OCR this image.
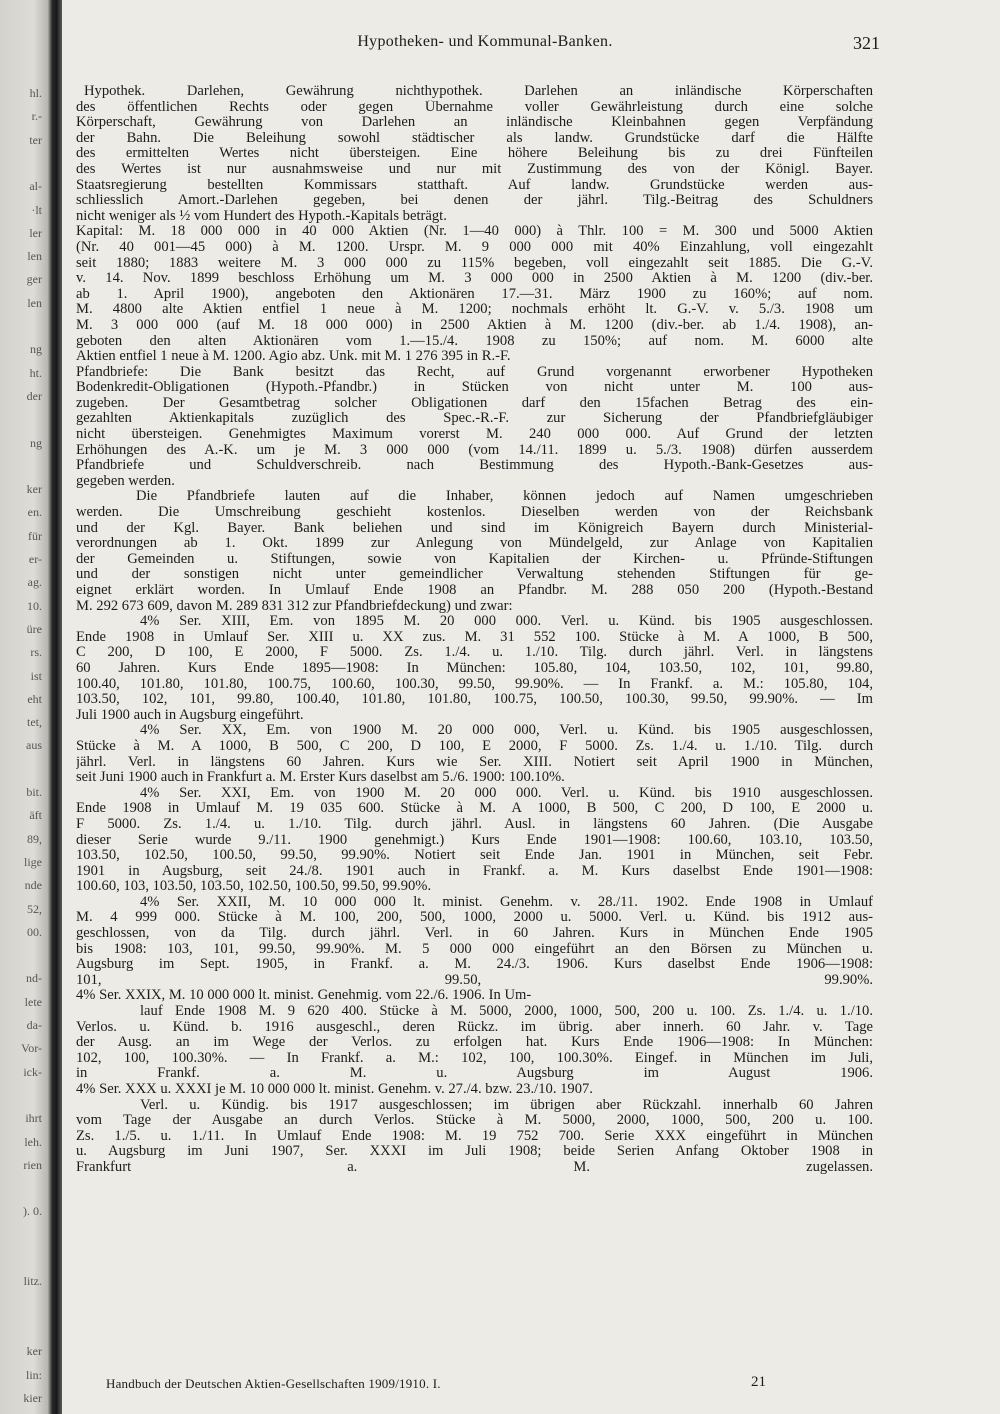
hl.
r.-
ter
al-
·lt
ler
len
ger
len
ng
ht.
der
ng
ker
en.
für
er-
ag.
10.
üre
rs.
ist
eht
tet,
aus
bit.
äft
89,
lige
nde
52,
00.
nd-
lete
da-
Vor-
ick-
ihrt
leh.
rien
). 0.
litz.
ker
lin:
kier
Hypotheken- und Kommunal-Banken.	321
Hypothek. Darlehen, Gewährung nichthypothek. Darlehen an inländische Körperschaften
des öffentlichen Rechts oder gegen Übernahme voller Gewährleistung durch eine solche
Körperschaft, Gewährung von Darlehen an inländische Kleinbahnen gegen Verpfändung
der Bahn. Die Beleihung sowohl städtischer als landw. Grundstücke darf die Hälfte
des ermittelten Wertes nicht übersteigen. Eine höhere Beleihung bis zu drei Fünfteilen
des Wertes ist nur ausnahmsweise und nur mit Zustimmung des von der Königl. Bayer.
Staatsregierung bestellten Kommissars statthaft. Auf landw. Grundstücke werden aus-
schliesslich Amort.-Darlehen gegeben, bei denen der jährl. Tilg.-Beitrag des Schuldners
nicht weniger als ½ vom Hundert des Hypoth.-Kapitals beträgt.
Kapital: M. 18 000 000 in 40 000 Aktien (Nr. 1—40 000) à Thlr. 100 = M. 300 und 5000 Aktien
(Nr. 40 001—45 000) à M. 1200. Urspr. M. 9 000 000 mit 40% Einzahlung, voll eingezahlt
seit 1880; 1883 weitere M. 3 000 000 zu 115% begeben, voll eingezahlt seit 1885. Die G.-V.
v. 14. Nov. 1899 beschloss Erhöhung um M. 3 000 000 in 2500 Aktien à M. 1200 (div.-ber.
ab 1. April 1900), angeboten den Aktionären 17.—31. März 1900 zu 160%; auf nom.
M. 4800 alte Aktien entfiel 1 neue à M. 1200; nochmals erhöht lt. G.-V. v. 5./3. 1908 um
M. 3 000 000 (auf M. 18 000 000) in 2500 Aktien à M. 1200 (div.-ber. ab 1./4. 1908), an-
geboten den alten Aktionären vom 1.—15./4. 1908 zu 150%; auf nom. M. 6000 alte
Aktien entfiel 1 neue à M. 1200. Agio abz. Unk. mit M. 1 276 395 in R.-F.
Pfandbriefe: Die Bank besitzt das Recht, auf Grund vorgenannt erworbener Hypotheken
Bodenkredit-Obligationen (Hypoth.-Pfandbr.) in Stücken von nicht unter M. 100 aus-
zugeben. Der Gesamtbetrag solcher Obligationen darf den 15fachen Betrag des ein-
gezahlten Aktienkapitals zuzüglich des Spec.-R.-F. zur Sicherung der Pfandbriefgläubiger
nicht übersteigen. Genehmigtes Maximum vorerst M. 240 000 000. Auf Grund der letzten
Erhöhungen des A.-K. um je M. 3 000 000 (vom 14./11. 1899 u. 5./3. 1908) dürfen ausserdem
Pfandbriefe und Schuldverschreib. nach Bestimmung des Hypoth.-Bank-Gesetzes aus-
gegeben werden.
Die Pfandbriefe lauten auf die Inhaber, können jedoch auf Namen umgeschrieben
werden. Die Umschreibung geschieht kostenlos. Dieselben werden von der Reichsbank
und der Kgl. Bayer. Bank beliehen und sind im Königreich Bayern durch Ministerial-
verordnungen ab 1. Okt. 1899 zur Anlegung von Mündelgeld, zur Anlage von Kapitalien
der Gemeinden u. Stiftungen, sowie von Kapitalien der Kirchen- u. Pfründe-Stiftungen
und der sonstigen nicht unter gemeindlicher Verwaltung stehenden Stiftungen für ge-
eignet erklärt worden. In Umlauf Ende 1908 an Pfandbr. M. 288 050 200 (Hypoth.-Bestand
M. 292 673 609, davon M. 289 831 312 zur Pfandbriefdeckung) und zwar:
4% Ser. XIII, Em. von 1895 M. 20 000 000. Verl. u. Künd. bis 1905 ausgeschlossen.
Ende 1908 in Umlauf Ser. XIII u. XX zus. M. 31 552 100. Stücke à M. A 1000, B 500,
C 200, D 100, E 2000, F 5000. Zs. 1./4. u. 1./10. Tilg. durch jährl. Verl. in längstens
60 Jahren. Kurs Ende 1895—1908: In München: 105.80, 104, 103.50, 102, 101, 99.80,
100.40, 101.80, 101.80, 100.75, 100.60, 100.30, 99.50, 99.90%. — In Frankf. a. M.: 105.80, 104,
103.50, 102, 101, 99.80, 100.40, 101.80, 101.80, 100.75, 100.50, 100.30, 99.50, 99.90%. — Im
Juli 1900 auch in Augsburg eingeführt.
4% Ser. XX, Em. von 1900 M. 20 000 000, Verl. u. Künd. bis 1905 ausgeschlossen,
Stücke à M. A 1000, B 500, C 200, D 100, E 2000, F 5000. Zs. 1./4. u. 1./10. Tilg. durch
jährl. Verl. in längstens 60 Jahren. Kurs wie Ser. XIII. Notiert seit April 1900 in München,
seit Juni 1900 auch in Frankfurt a. M. Erster Kurs daselbst am 5./6. 1900: 100.10%.
4% Ser. XXI, Em. von 1900 M. 20 000 000. Verl. u. Künd. bis 1910 ausgeschlossen.
Ende 1908 in Umlauf M. 19 035 600. Stücke à M. A 1000, B 500, C 200, D 100, E 2000 u.
F 5000. Zs. 1./4. u. 1./10. Tilg. durch jährl. Ausl. in längstens 60 Jahren. (Die Ausgabe
dieser Serie wurde 9./11. 1900 genehmigt.) Kurs Ende 1901—1908: 100.60, 103.10, 103.50,
103.50, 102.50, 100.50, 99.50, 99.90%. Notiert seit Ende Jan. 1901 in München, seit Febr.
1901 in Augsburg, seit 24./8. 1901 auch in Frankf. a. M. Kurs daselbst Ende 1901—1908:
100.60, 103, 103.50, 103.50, 102.50, 100.50, 99.50, 99.90%.
4% Ser. XXII, M. 10 000 000 lt. minist. Genehm. v. 28./11. 1902. Ende 1908 in Umlauf
M. 4 999 000. Stücke à M. 100, 200, 500, 1000, 2000 u. 5000. Verl. u. Künd. bis 1912 aus-
geschlossen, von da Tilg. durch jährl. Verl. in 60 Jahren. Kurs in München Ende 1905
bis 1908: 103, 101, 99.50, 99.90%. M. 5 000 000 eingeführt an den Börsen zu München u.
Augsburg im Sept. 1905, in Frankf. a. M. 24./3. 1906. Kurs daselbst Ende 1906—1908:
101, 99.50, 99.90%.
4% Ser. XXIX, M. 10 000 000 lt. minist. Genehmig. vom 22./6. 1906. In Um-
lauf Ende 1908 M. 9 620 400. Stücke à M. 5000, 2000, 1000, 500, 200 u. 100. Zs. 1./4. u. 1./10.
Verlos. u. Künd. b. 1916 ausgeschl., deren Rückz. im übrig. aber innerh. 60 Jahr. v. Tage
der Ausg. an im Wege der Verlos. zu erfolgen hat. Kurs Ende 1906—1908: In München:
102, 100, 100.30%. — In Frankf. a. M.: 102, 100, 100.30%. Eingef. in München im Juli,
in Frankf. a. M. u. Augsburg im August 1906.
4% Ser. XXX u. XXXI je M. 10 000 000 lt. minist. Genehm. v. 27./4. bzw. 23./10. 1907.
Verl. u. Kündig. bis 1917 ausgeschlossen; im übrigen aber Rückzahl. innerhalb 60 Jahren
vom Tage der Ausgabe an durch Verlos. Stücke à M. 5000, 2000, 1000, 500, 200 u. 100.
Zs. 1./5. u. 1./11. In Umlauf Ende 1908: M. 19 752 700. Serie XXX eingeführt in München
u. Augsburg im Juni 1907, Ser. XXXI im Juli 1908; beide Serien Anfang Oktober 1908 in
Frankfurt a. M. zugelassen.
Handbuch der Deutschen Aktien-Gesellschaften 1909/1910. I.	21
